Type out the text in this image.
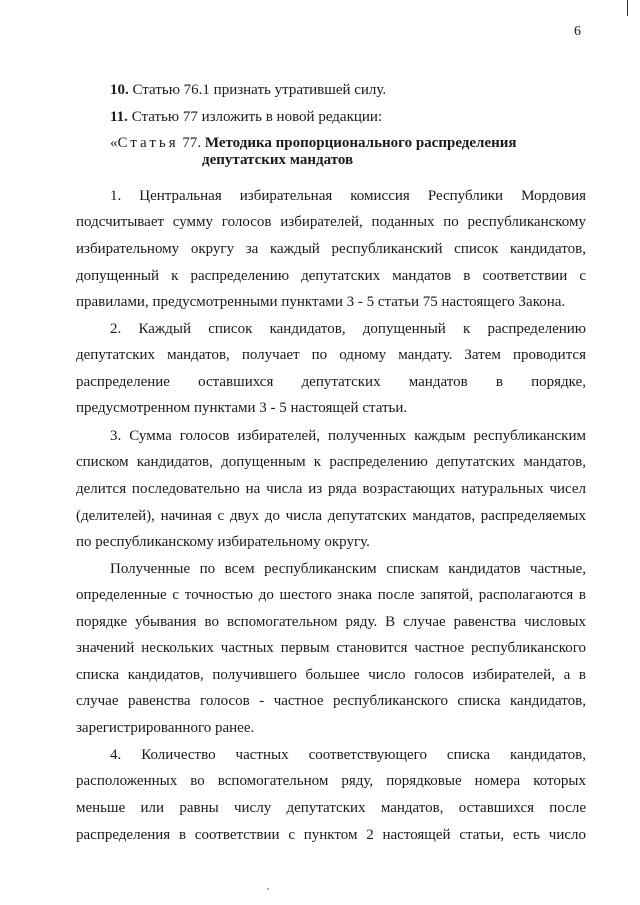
6
10. Статью 76.1 признать утратившей силу.
11. Статью 77 изложить в новой редакции:
«Статья 77. Методика пропорционального распределения
депутатских мандатов
1. Центральная избирательная комиссия Республики Мордовия
подсчитывает сумму голосов избирателей, поданных по республиканскому
избирательному округу за каждый республиканский список кандидатов,
допущенный к распределению депутатских мандатов в соответствии с
правилами, предусмотренными пунктами 3 - 5 статьи 75 настоящего Закона.
2. Каждый список кандидатов, допущенный к распределению
депутатских мандатов, получает по одному мандату. Затем проводится
распределение оставшихся депутатских мандатов в порядке,
предусмотренном пунктами 3 - 5 настоящей статьи.
3. Сумма голосов избирателей, полученных каждым республиканским
списком кандидатов, допущенным к распределению депутатских мандатов,
делится последовательно на числа из ряда возрастающих натуральных чисел
(делителей), начиная с двух до числа депутатских мандатов, распределяемых
по республиканскому избирательному округу.
Полученные по всем республиканским спискам кандидатов частные,
определенные с точностью до шестого знака после запятой, располагаются в
порядке убывания во вспомогательном ряду. В случае равенства числовых
значений нескольких частных первым становится частное республиканского
списка кандидатов, получившего большее число голосов избирателей, а в
случае равенства голосов - частное республиканского списка кандидатов,
зарегистрированного ранее.
4. Количество частных соответствующего списка кандидатов,
расположенных во вспомогательном ряду, порядковые номера которых
меньше или равны числу депутатских мандатов, оставшихся после
распределения в соответствии с пунктом 2 настоящей статьи, есть число
